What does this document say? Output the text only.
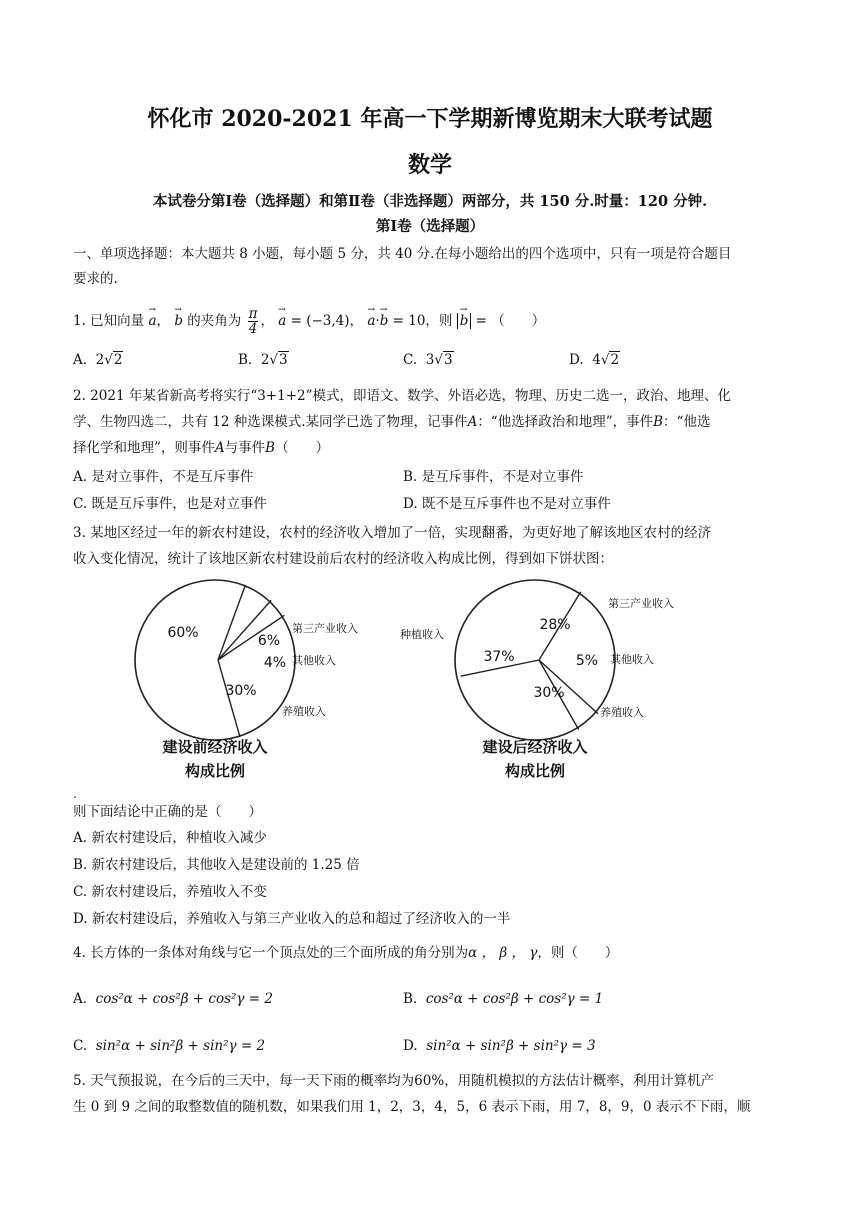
怀化市 2020-2021 年高一下学期新博览期末大联考试题
数学
本试卷分第Ⅰ卷（选择题）和第Ⅱ卷（非选择题）两部分，共 150 分.时量：120 分钟.
第Ⅰ卷（选择题）
一、单项选择题：本大题共 8 小题，每小题 5 分，共 40 分.在每小题给出的四个选项中，只有一项是符合题目
要求的.
1. 已知向量 → a， → b 的夹角为 $\frac{\pi}{4}$ ， → a = (−3,4)， → a·→ b = 10，则 → b = （　　）
A. 2√2	B. 2√3	C. 3√3	D. 4√2
2. 2021 年某省新高考将实行“3+1+2”模式，即语文、数学、外语必选，物理、历史二选一，政治、地理、化
学、生物四选二，共有 12 种选课模式.某同学已选了物理，记事件A：“他选择政治和地理”，事件B：“他选
择化学和地理”，则事件A与事件B（　　）
A. 是对立事件，不是互斥事件	B. 是互斥事件，不是对立事件
C. 既是互斥事件，也是对立事件	D. 既不是互斥事件也不是对立事件
3. 某地区经过一年的新农村建设，农村的经济收入增加了一倍，实现翻番，为更好地了解该地区农村的经济
收入变化情况，统计了该地区新农村建设前后农村的经济收入构成比例，得到如下饼状图：
60%	6%
4%
30%
第三产业收入
其他收入
养殖收入
建设前经济收入
构成比例
37%
28%
5%
30%
种植收入
第三产业收入
其他收入
养殖收入
建设后经济收入
构成比例
.
则下面结论中正确的是（　　）
A. 新农村建设后，种植收入减少
B. 新农村建设后，其他收入是建设前的 1.25 倍
C. 新农村建设后，养殖收入不变
D. 新农村建设后，养殖收入与第三产业收入的总和超过了经济收入的一半
4. 长方体的一条体对角线与它一个顶点处的三个面所成的角分别为α ， β ， γ，则（　　）
A. cos²α + cos²β + cos²γ = 2	B. cos²α + cos²β + cos²γ = 1
C. sin²α + sin²β + sin²γ = 2	D. sin²α + sin²β + sin²γ = 3
5. 天气预报说，在今后的三天中，每一天下雨的概率均为60%，用随机模拟的方法估计概率，利用计算机产
生 0 到 9 之间的取整数值的随机数，如果我们用 1，2，3，4，5，6 表示下雨，用 7，8，9，0 表示不下雨，顺
